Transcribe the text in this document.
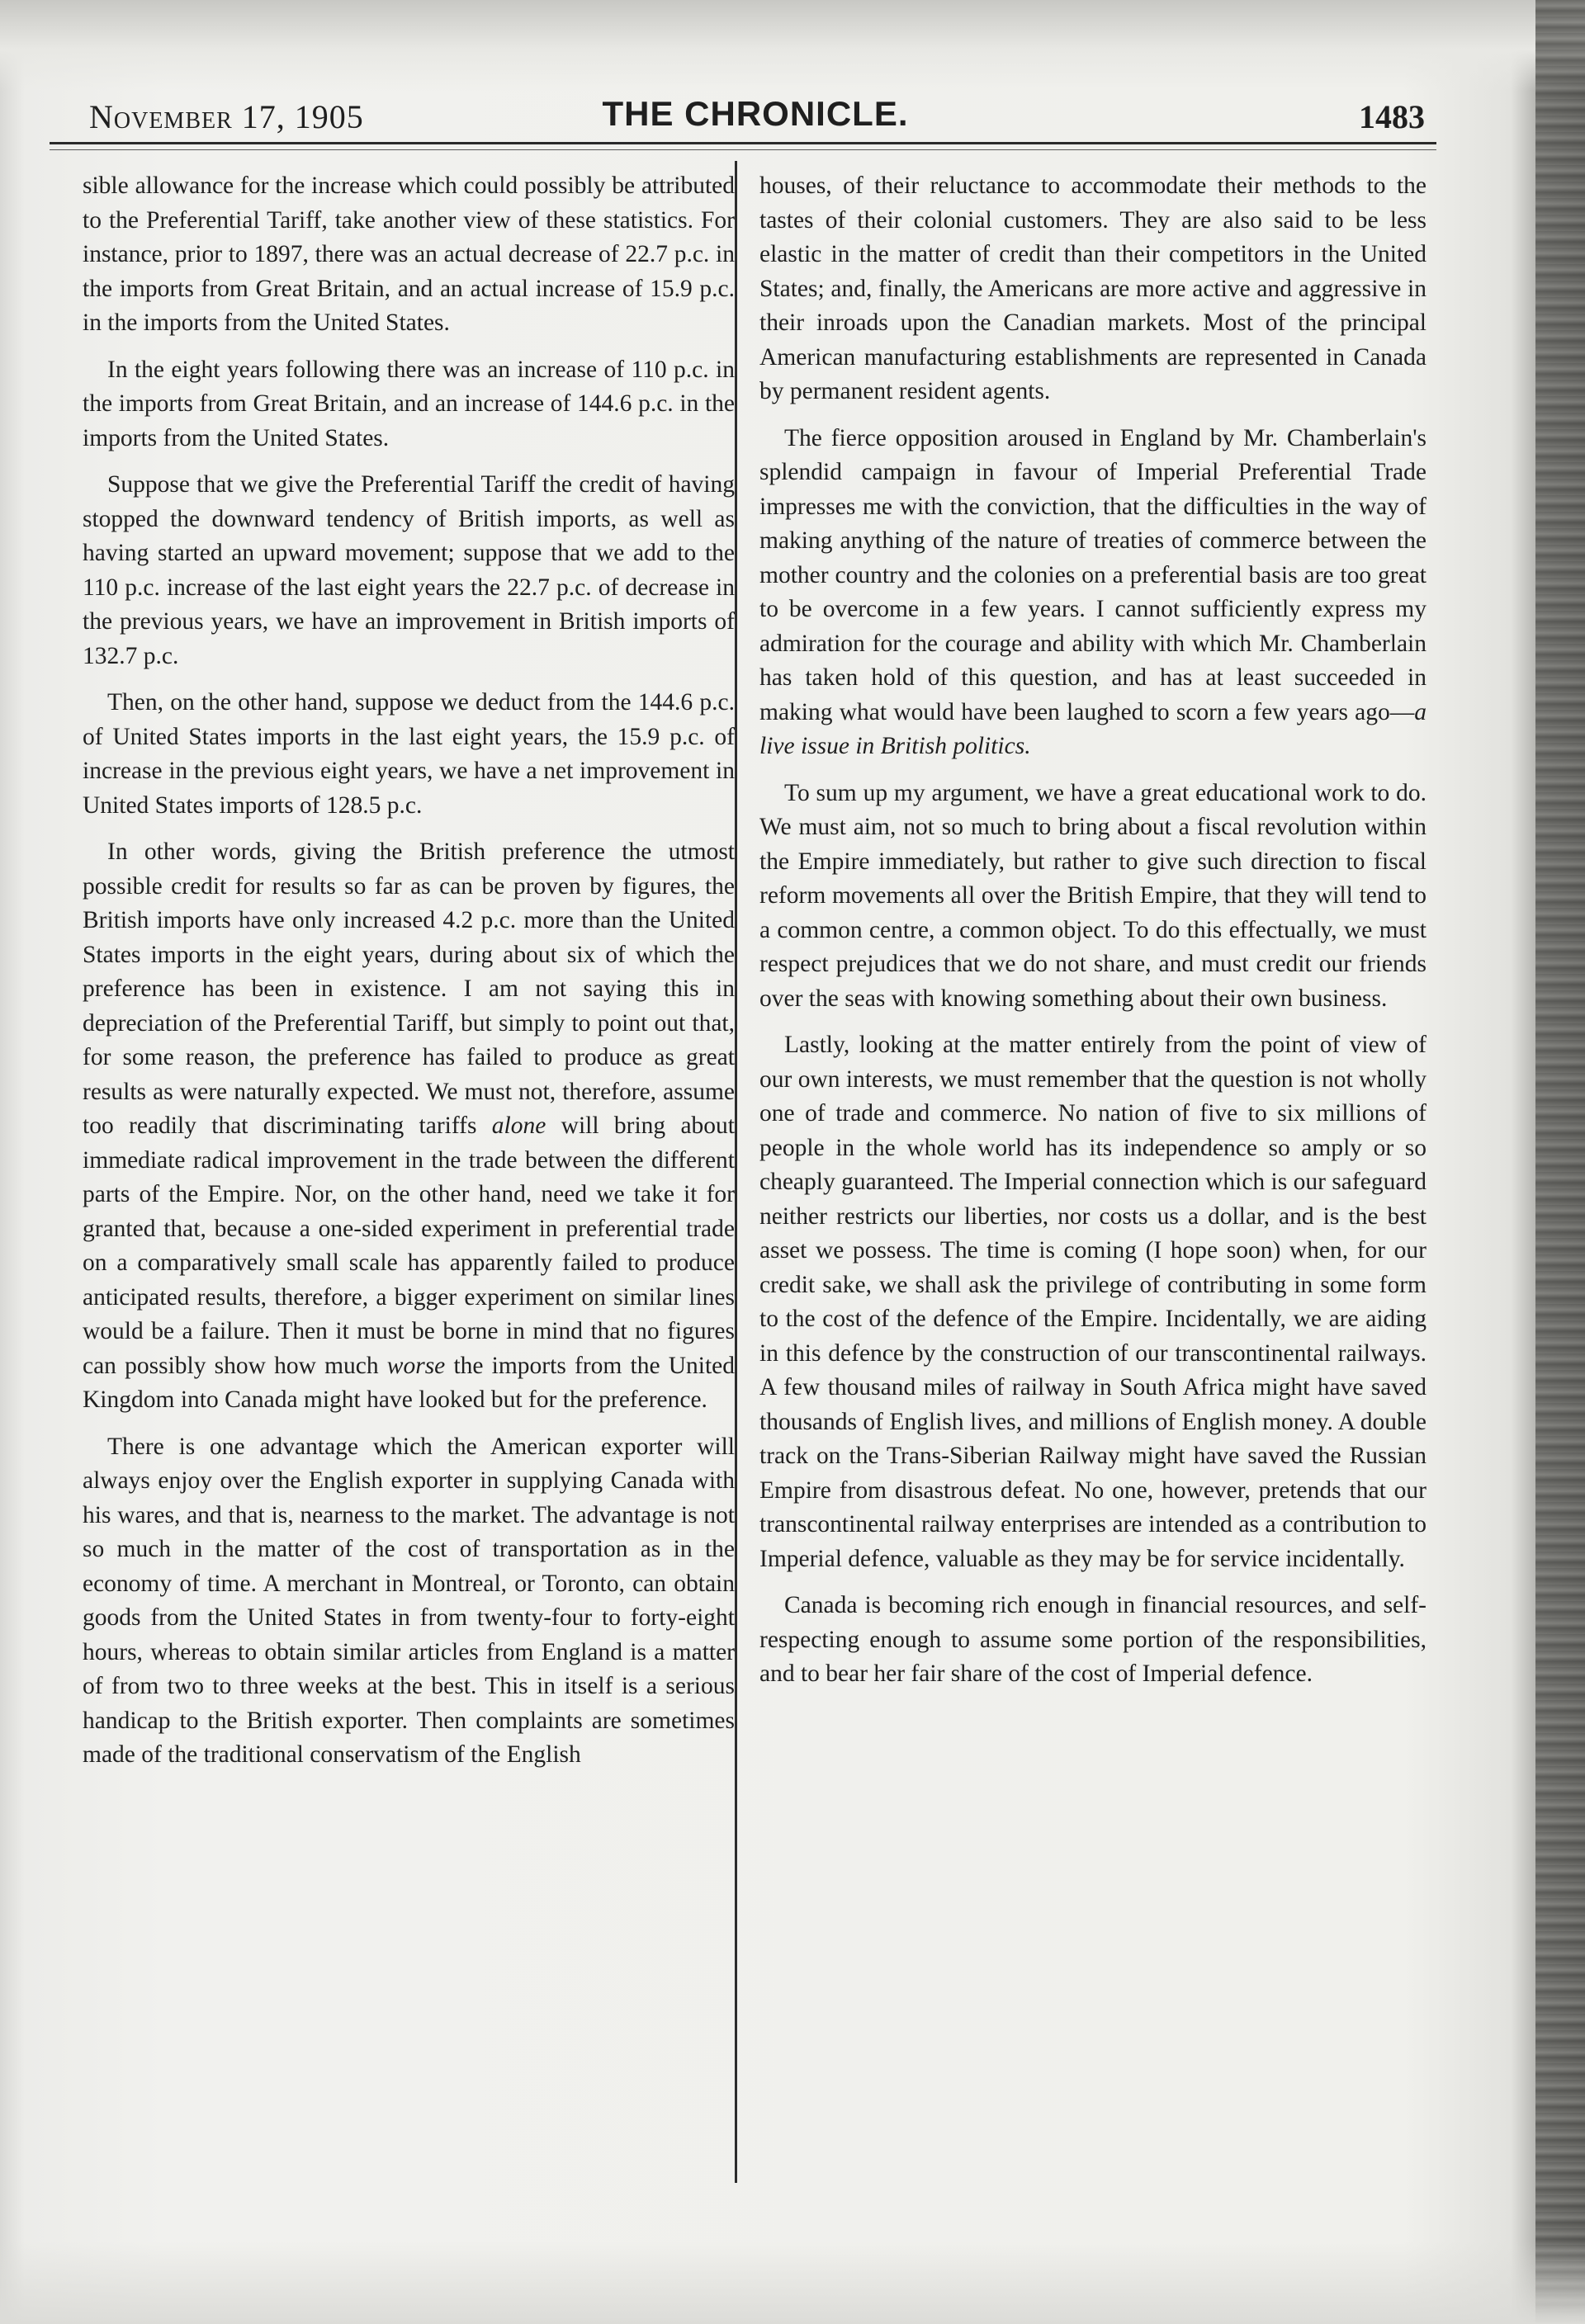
November 17, 1905	THE CHRONICLE.	1483

sible allowance for the increase which could possibly be attributed to the Preferential Tariff, take another view of these statistics. For instance, prior to 1897, there was an actual decrease of 22.7 p.c. in the imports from Great Britain, and an actual increase of 15.9 p.c. in the imports from the United States.

In the eight years following there was an increase of 110 p.c. in the imports from Great Britain, and an increase of 144.6 p.c. in the imports from the United States.

Suppose that we give the Preferential Tariff the credit of having stopped the downward tendency of British imports, as well as having started an upward movement; suppose that we add to the 110 p.c. increase of the last eight years the 22.7 p.c. of decrease in the previous years, we have an improvement in British imports of 132.7 p.c.

Then, on the other hand, suppose we deduct from the 144.6 p.c. of United States imports in the last eight years, the 15.9 p.c. of increase in the previous eight years, we have a net improvement in United States imports of 128.5 p.c.

In other words, giving the British preference the utmost possible credit for results so far as can be proven by figures, the British imports have only increased 4.2 p.c. more than the United States imports in the eight years, during about six of which the preference has been in existence. I am not saying this in depreciation of the Preferential Tariff, but simply to point out that, for some reason, the preference has failed to produce as great results as were naturally expected. We must not, therefore, assume too readily that discriminating tariffs alone will bring about immediate radical improvement in the trade between the different parts of the Empire. Nor, on the other hand, need we take it for granted that, because a one-sided experiment in preferential trade on a comparatively small scale has apparently failed to produce anticipated results, therefore, a bigger experiment on similar lines would be a failure. Then it must be borne in mind that no figures can possibly show how much worse the imports from the United Kingdom into Canada might have looked but for the preference.

There is one advantage which the American exporter will always enjoy over the English exporter in supplying Canada with his wares, and that is, nearness to the market. The advantage is not so much in the matter of the cost of transportation as in the economy of time. A merchant in Montreal, or Toronto, can obtain goods from the United States in from twenty-four to forty-eight hours, whereas to obtain similar articles from England is a matter of from two to three weeks at the best. This in itself is a serious handicap to the British exporter. Then complaints are sometimes made of the traditional conservatism of the English

houses, of their reluctance to accommodate their methods to the tastes of their colonial customers. They are also said to be less elastic in the matter of credit than their competitors in the United States; and, finally, the Americans are more active and aggressive in their inroads upon the Canadian markets. Most of the principal American manufacturing establishments are represented in Canada by permanent resident agents.

The fierce opposition aroused in England by Mr. Chamberlain's splendid campaign in favour of Imperial Preferential Trade impresses me with the conviction, that the difficulties in the way of making anything of the nature of treaties of commerce between the mother country and the colonies on a preferential basis are too great to be overcome in a few years. I cannot sufficiently express my admiration for the courage and ability with which Mr. Chamberlain has taken hold of this question, and has at least succeeded in making what would have been laughed to scorn a few years ago—a live issue in British politics.

To sum up my argument, we have a great educational work to do. We must aim, not so much to bring about a fiscal revolution within the Empire immediately, but rather to give such direction to fiscal reform movements all over the British Empire, that they will tend to a common centre, a common object. To do this effectually, we must respect prejudices that we do not share, and must credit our friends over the seas with knowing something about their own business.

Lastly, looking at the matter entirely from the point of view of our own interests, we must remember that the question is not wholly one of trade and commerce. No nation of five to six millions of people in the whole world has its independence so amply or so cheaply guaranteed. The Imperial connection which is our safeguard neither restricts our liberties, nor costs us a dollar, and is the best asset we possess. The time is coming (I hope soon) when, for our credit sake, we shall ask the privilege of contributing in some form to the cost of the defence of the Empire. Incidentally, we are aiding in this defence by the construction of our transcontinental railways. A few thousand miles of railway in South Africa might have saved thousands of English lives, and millions of English money. A double track on the Trans-Siberian Railway might have saved the Russian Empire from disastrous defeat. No one, however, pretends that our transcontinental railway enterprises are intended as a contribution to Imperial defence, valuable as they may be for service incidentally.

Canada is becoming rich enough in financial resources, and self-respecting enough to assume some portion of the responsibilities, and to bear her fair share of the cost of Imperial defence.
